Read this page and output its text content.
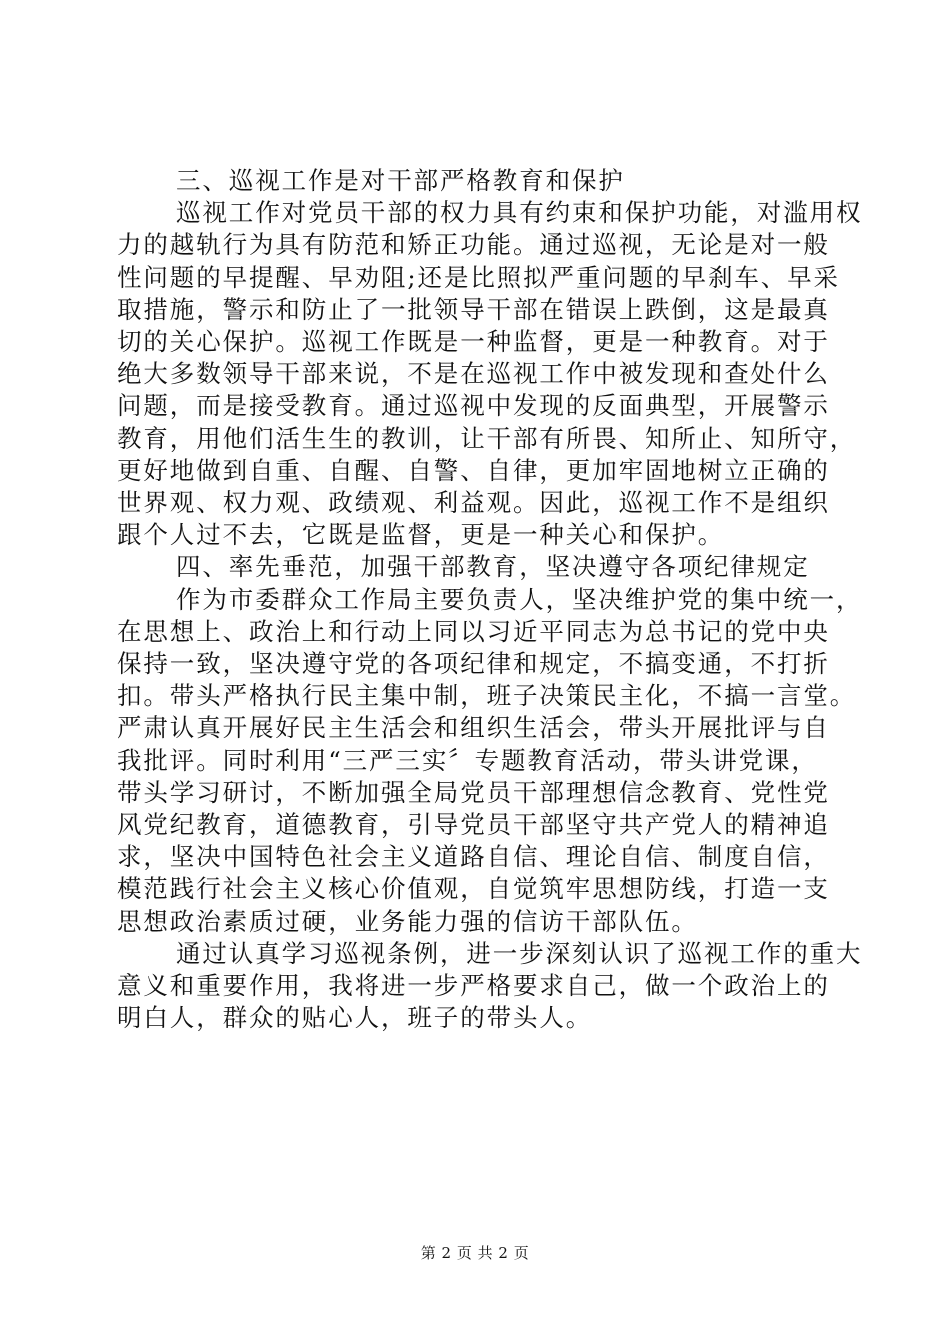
三、巡视工作是对干部严格教育和保护
巡视工作对党员干部的权力具有约束和保护功能，对滥用权
力的越轨行为具有防范和矫正功能。通过巡视，无论是对一般
性问题的早提醒、早劝阻;还是比照拟严重问题的早刹车、早采
取措施，警示和防止了一批领导干部在错误上跌倒，这是最真
切的关心保护。巡视工作既是一种监督，更是一种教育。对于
绝大多数领导干部来说，不是在巡视工作中被发现和查处什么
问题，而是接受教育。通过巡视中发现的反面典型，开展警示
教育，用他们活生生的教训，让干部有所畏、知所止、知所守，
更好地做到自重、自醒、自警、自律，更加牢固地树立正确的
世界观、权力观、政绩观、利益观。因此，巡视工作不是组织
跟个人过不去，它既是监督，更是一种关心和保护。
四、率先垂范，加强干部教育，坚决遵守各项纪律规定
作为市委群众工作局主要负责人，坚决维护党的集中统一，
在思想上、政治上和行动上同以习近平同志为总书记的党中央
保持一致，坚决遵守党的各项纪律和规定，不搞变通，不打折
扣。带头严格执行民主集中制，班子决策民主化，不搞一言堂。
严肃认真开展好民主生活会和组织生活会，带头开展批评与自
我批评。同时利用“三严三实〞专题教育活动，带头讲党课，
带头学习研讨，不断加强全局党员干部理想信念教育、党性党
风党纪教育，道德教育，引导党员干部坚守共产党人的精神追
求，坚决中国特色社会主义道路自信、理论自信、制度自信，
模范践行社会主义核心价值观，自觉筑牢思想防线，打造一支
思想政治素质过硬，业务能力强的信访干部队伍。
通过认真学习巡视条例，进一步深刻认识了巡视工作的重大
意义和重要作用，我将进一步严格要求自己，做一个政治上的
明白人，群众的贴心人，班子的带头人。
第 2 页 共 2 页
